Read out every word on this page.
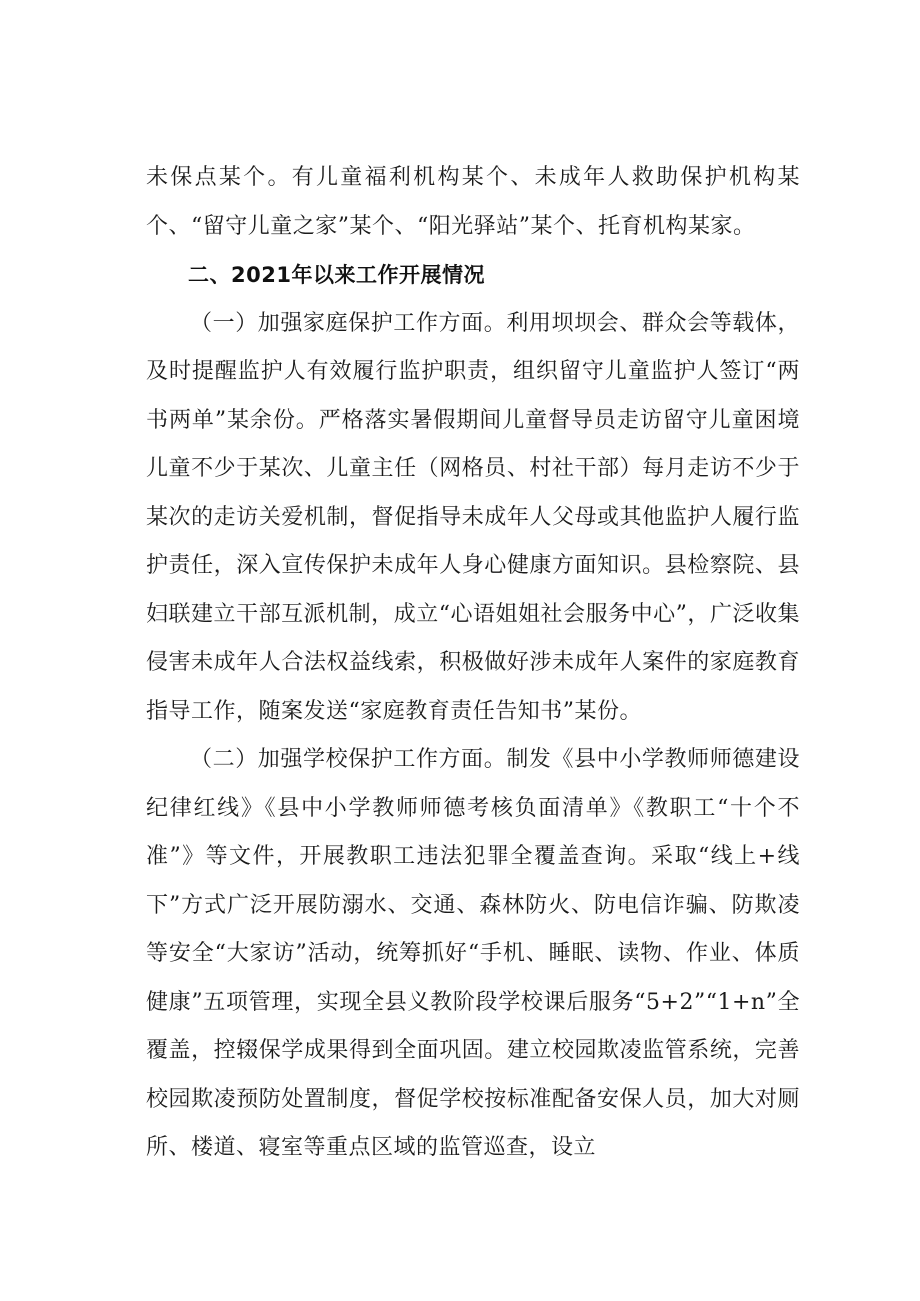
未保点某个。有儿童福利机构某个、未成年人救助保护机构某个、“留守儿童之家”某个、“阳光驿站”某个、托育机构某家。

二、2021年以来工作开展情况

（一）加强家庭保护工作方面。利用坝坝会、群众会等载体，及时提醒监护人有效履行监护职责，组织留守儿童监护人签订“两书两单”某余份。严格落实暑假期间儿童督导员走访留守儿童困境儿童不少于某次、儿童主任（网格员、村社干部）每月走访不少于某次的走访关爱机制，督促指导未成年人父母或其他监护人履行监护责任，深入宣传保护未成年人身心健康方面知识。县检察院、县妇联建立干部互派机制，成立“心语姐姐社会服务中心”，广泛收集侵害未成年人合法权益线索，积极做好涉未成年人案件的家庭教育指导工作，随案发送“家庭教育责任告知书”某份。

（二）加强学校保护工作方面。制发《县中小学教师师德建设纪律红线》《县中小学教师师德考核负面清单》《教职工“十个不准”》等文件，开展教职工违法犯罪全覆盖查询。采取“线上+线下”方式广泛开展防溺水、交通、森林防火、防电信诈骗、防欺凌等安全“大家访”活动，统筹抓好“手机、睡眠、读物、作业、体质健康”五项管理，实现全县义教阶段学校课后服务“5+2”“1+n”全覆盖，控辍保学成果得到全面巩固。建立校园欺凌监管系统，完善校园欺凌预防处置制度，督促学校按标准配备安保人员，加大对厕所、楼道、寝室等重点区域的监管巡查，设立
